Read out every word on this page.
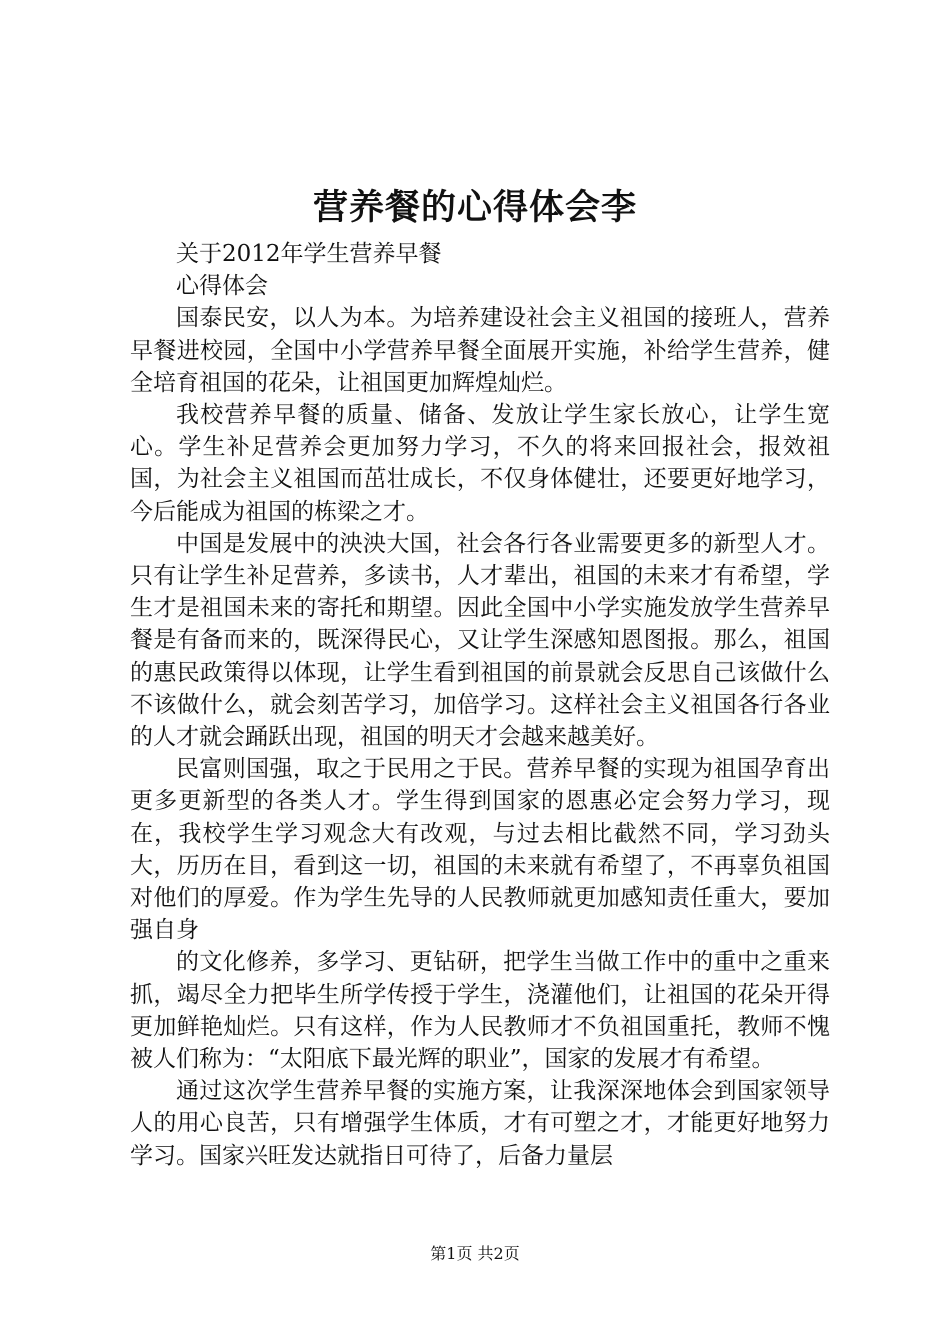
营养餐的心得体会李

关于2012年学生营养早餐

心得体会

国泰民安，以人为本。为培养建设社会主义祖国的接班人，营养早餐进校园，全国中小学营养早餐全面展开实施，补给学生营养，健全培育祖国的花朵，让祖国更加辉煌灿烂。

我校营养早餐的质量、储备、发放让学生家长放心，让学生宽心。学生补足营养会更加努力学习，不久的将来回报社会，报效祖国，为社会主义祖国而茁壮成长，不仅身体健壮，还要更好地学习，今后能成为祖国的栋梁之才。

中国是发展中的泱泱大国，社会各行各业需要更多的新型人才。只有让学生补足营养，多读书，人才辈出，祖国的未来才有希望，学生才是祖国未来的寄托和期望。因此全国中小学实施发放学生营养早餐是有备而来的，既深得民心，又让学生深感知恩图报。那么，祖国的惠民政策得以体现，让学生看到祖国的前景就会反思自己该做什么不该做什么，就会刻苦学习，加倍学习。这样社会主义祖国各行各业的人才就会踊跃出现，祖国的明天才会越来越美好。

民富则国强，取之于民用之于民。营养早餐的实现为祖国孕育出更多更新型的各类人才。学生得到国家的恩惠必定会努力学习，现在，我校学生学习观念大有改观，与过去相比截然不同，学习劲头大，历历在目，看到这一切，祖国的未来就有希望了，不再辜负祖国对他们的厚爱。作为学生先导的人民教师就更加感知责任重大，要加强自身

的文化修养，多学习、更钻研，把学生当做工作中的重中之重来抓，竭尽全力把毕生所学传授于学生，浇灌他们，让祖国的花朵开得更加鲜艳灿烂。只有这样，作为人民教师才不负祖国重托，教师不愧被人们称为：“太阳底下最光辉的职业”，国家的发展才有希望。

通过这次学生营养早餐的实施方案，让我深深地体会到国家领导人的用心良苦，只有增强学生体质，才有可塑之才，才能更好地努力学习。国家兴旺发达就指日可待了，后备力量层

第1页 共2页
